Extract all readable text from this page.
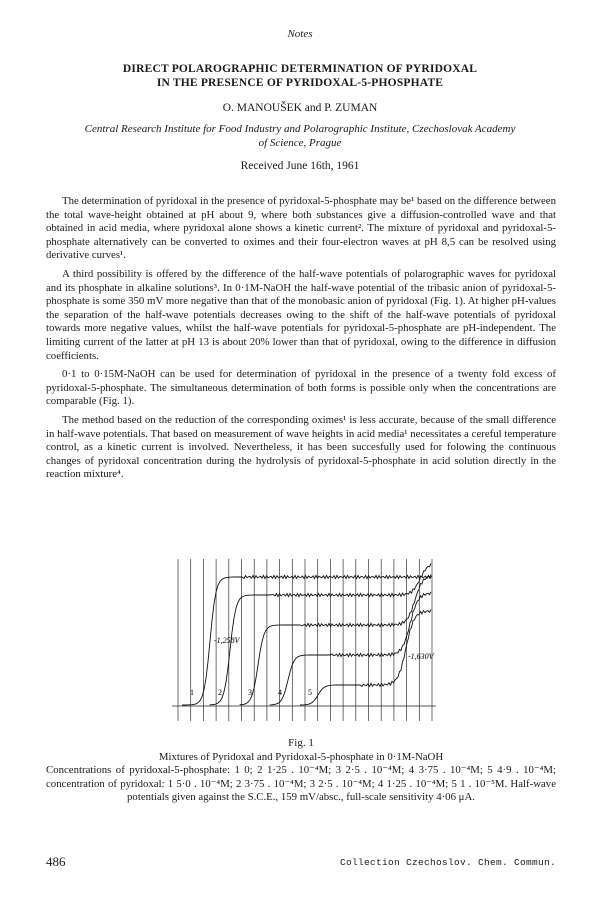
Notes
DIRECT POLAROGRAPHIC DETERMINATION OF PYRIDOXAL
IN THE PRESENCE OF PYRIDOXAL-5-PHOSPHATE
O. MANOUŠEK and P. ZUMAN
Central Research Institute for Food Industry and Polarographic Institute, Czechoslovak Academy
of Science, Prague
Received June 16th, 1961

The determination of pyridoxal in the presence of pyridoxal-5-phosphate may be¹ based on the difference between the total wave-height obtained at pH about 9, where both substances give a diffusion-controlled wave and that obtained in acid media, where pyridoxal alone shows a kinetic current². The mixture of pyridoxal and pyridoxal-5-phosphate alternatively can be converted to oximes and their four-electron waves at pH 8,5 can be resolved using derivative curves¹.

A third possibility is offered by the difference of the half-wave potentials of polarographic waves for pyridoxal and its phosphate in alkaline solutions³. In 0·1M-NaOH the half-wave potential of the tribasic anion of pyridoxal-5-phosphate is some 350 mV more negative than that of the monobasic anion of pyridoxal (Fig. 1). At higher pH-values the separation of the half-wave potentials decreases owing to the shift of the half-wave potentials of pyridoxal towards more negative values, whilst the half-wave potentials for pyridoxal-5-phosphate are pH-independent. The limiting current of the latter at pH 13 is about 20% lower than that of pyridoxal, owing to the difference in diffusion coefficients.

0·1 to 0·15M-NaOH can be used for determination of pyridoxal in the presence of a twenty fold excess of pyridoxal-5-phosphate. The simultaneous determination of both forms is possible only when the concentrations are comparable (Fig. 1).

The method based on the reduction of the corresponding oximes¹ is less accurate, because of the small difference in half-wave potentials. That based on measurement of wave heights in acid media¹ necessitates a cereful temperature control, as a kinetic current is involved. Nevertheless, it has been succesfully used for folowing the continuous changes of pyridoxal concentration during the hydrolysis of pyridoxal-5-phosphate in acid solution directly in the reaction mixture⁴.

1	2	3	4	5
-1,258V
-1,630V
Fig. 1
Mixtures of Pyridoxal and Pyridoxal-5-phosphate in 0·1M-NaOH
Concentrations of pyridoxal-5-phosphate: 1 0; 2 1·25 . 10⁻⁴M; 3 2·5 . 10⁻⁴M; 4 3·75 . 10⁻⁴M; 5 4·9 . 10⁻⁴M; concentration of pyridoxal: 1 5·0 . 10⁻⁴M; 2 3·75 . 10⁻⁴M; 3 2·5 . 10⁻⁴M; 4 1·25 . 10⁻⁴M; 5 1 . 10⁻⁵M. Half-wave potentials given against the S.C.E., 159 mV/absc., full-scale sensitivity 4·06 μA.
486	Collection Czechoslov. Chem. Commun.
